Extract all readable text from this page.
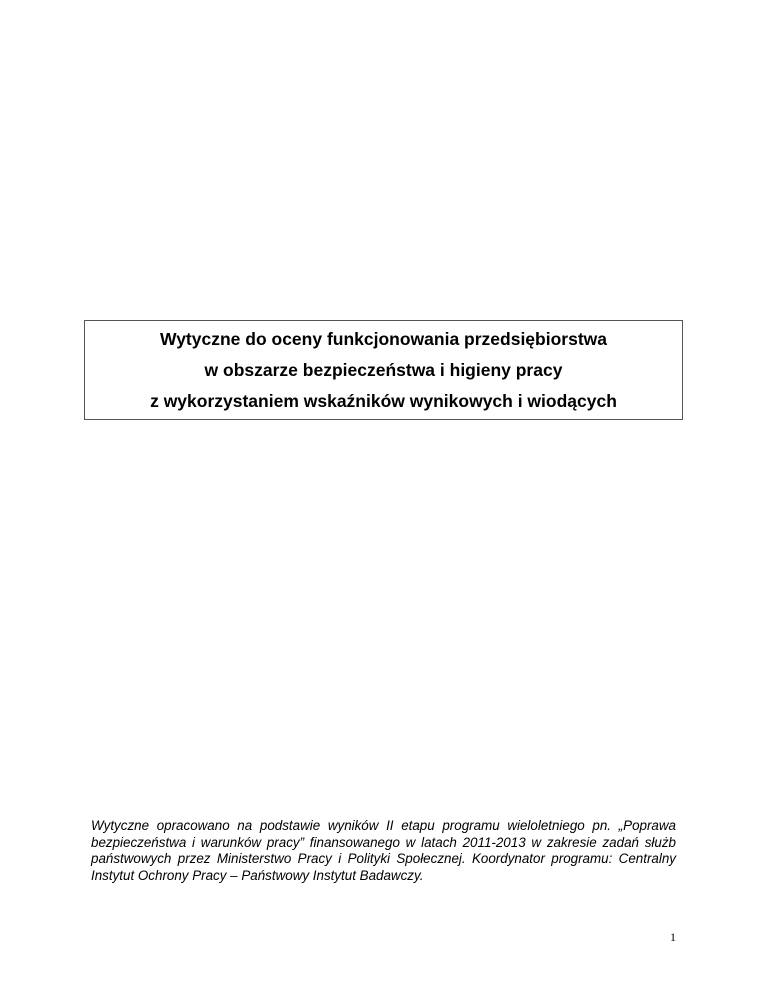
Wytyczne do oceny funkcjonowania przedsiębiorstwa
w obszarze bezpieczeństwa i higieny pracy
z wykorzystaniem wskaźników wynikowych i wiodących
Wytyczne opracowano na podstawie wyników II etapu programu wieloletniego pn. „Poprawa bezpieczeństwa i warunków pracy” finansowanego w latach 2011-2013 w zakresie zadań służb państwowych przez Ministerstwo Pracy i Polityki Społecznej. Koordynator programu: Centralny Instytut Ochrony Pracy – Państwowy Instytut Badawczy.
1
